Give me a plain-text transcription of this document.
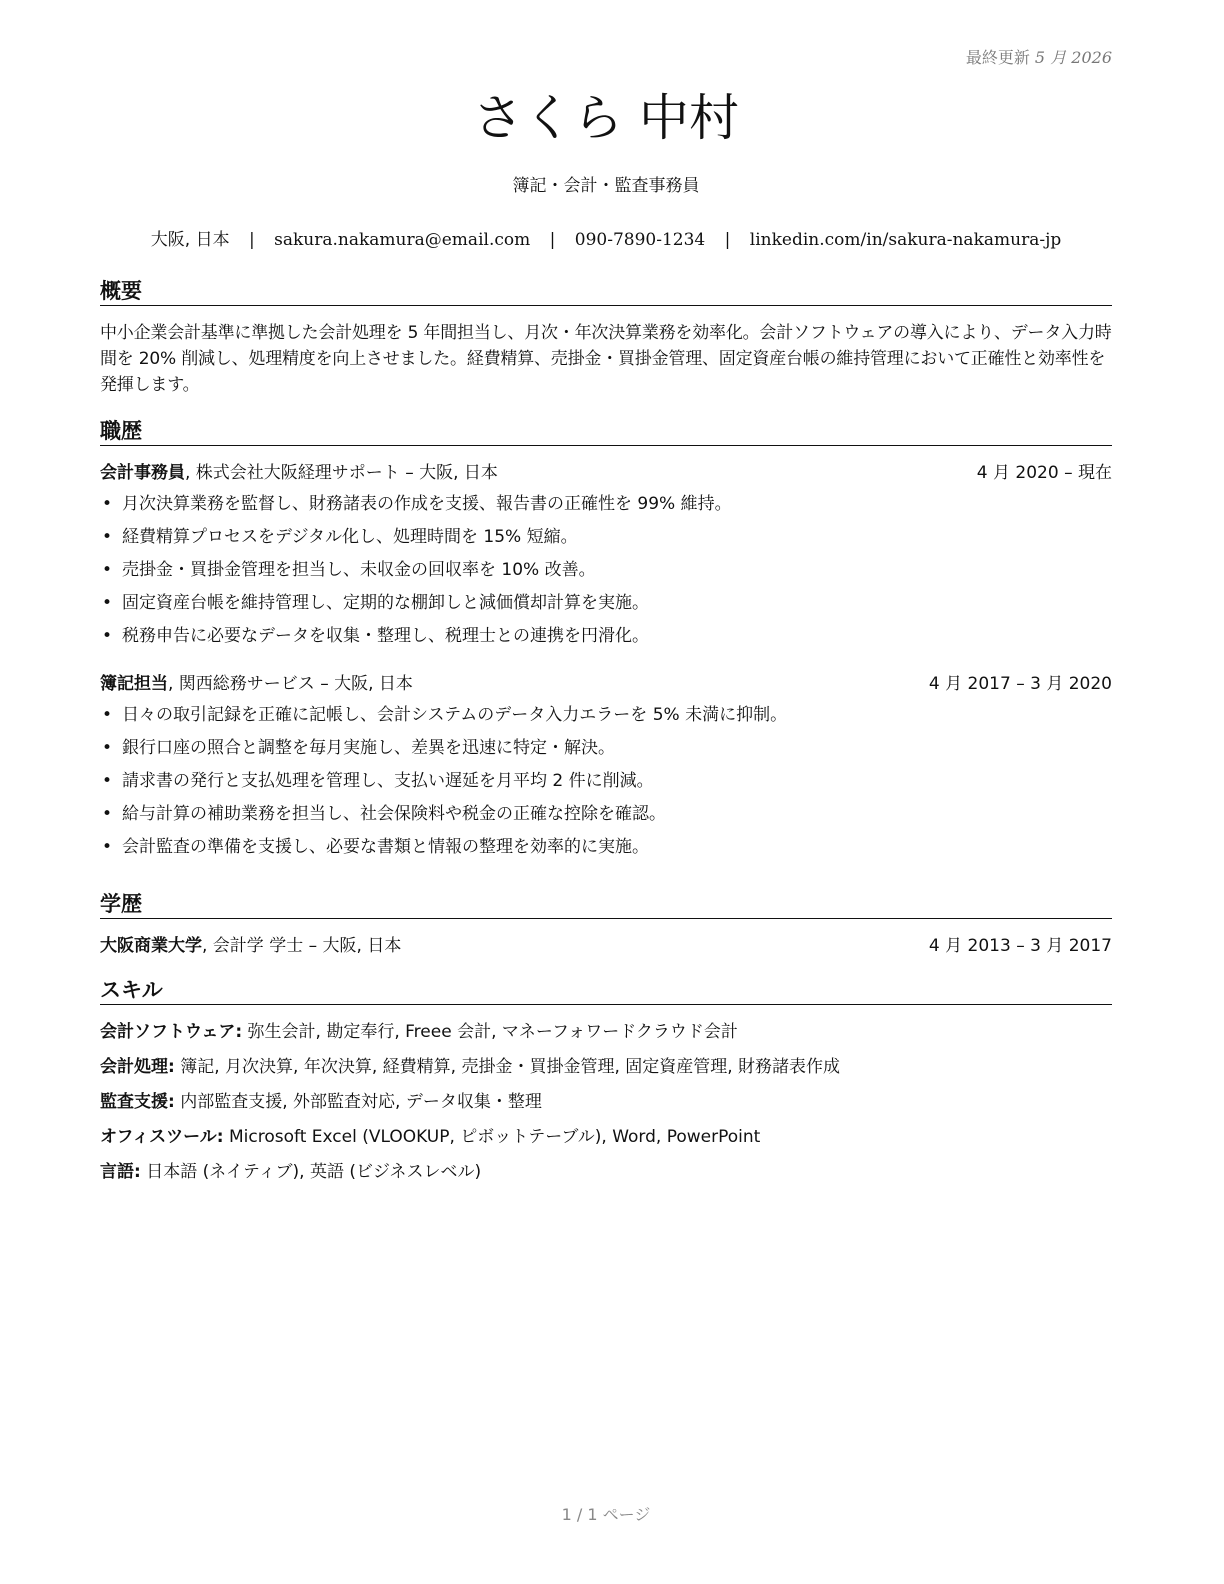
最終更新 5 月 2026
さくら 中村
簿記・会計・監査事務員
大阪, 日本 | sakura.nakamura@email.com | 090-7890-1234 | linkedin.com/in/sakura-nakamura-jp
概要
中小企業会計基準に準拠した会計処理を 5 年間担当し、月次・年次決算業務を効率化。会計ソフトウェアの導入により、データ入力時間を 20% 削減し、処理精度を向上させました。経費精算、売掛金・買掛金管理、固定資産台帳の維持管理において正確性と効率性を発揮します。
職歴
会計事務員, 株式会社大阪経理サポート – 大阪, 日本	4 月 2020 – 現在
• 月次決算業務を監督し、財務諸表の作成を支援、報告書の正確性を 99% 維持。
• 経費精算プロセスをデジタル化し、処理時間を 15% 短縮。
• 売掛金・買掛金管理を担当し、未収金の回収率を 10% 改善。
• 固定資産台帳を維持管理し、定期的な棚卸しと減価償却計算を実施。
• 税務申告に必要なデータを収集・整理し、税理士との連携を円滑化。
簿記担当, 関西総務サービス – 大阪, 日本	4 月 2017 – 3 月 2020
• 日々の取引記録を正確に記帳し、会計システムのデータ入力エラーを 5% 未満に抑制。
• 銀行口座の照合と調整を毎月実施し、差異を迅速に特定・解決。
• 請求書の発行と支払処理を管理し、支払い遅延を月平均 2 件に削減。
• 給与計算の補助業務を担当し、社会保険料や税金の正確な控除を確認。
• 会計監査の準備を支援し、必要な書類と情報の整理を効率的に実施。
学歴
大阪商業大学, 会計学 学士 – 大阪, 日本	4 月 2013 – 3 月 2017
スキル
会計ソフトウェア: 弥生会計, 勘定奉行, Freee 会計, マネーフォワードクラウド会計
会計処理: 簿記, 月次決算, 年次決算, 経費精算, 売掛金・買掛金管理, 固定資産管理, 財務諸表作成
監査支援: 内部監査支援, 外部監査対応, データ収集・整理
オフィスツール: Microsoft Excel (VLOOKUP, ピボットテーブル), Word, PowerPoint
言語: 日本語 (ネイティブ), 英語 (ビジネスレベル)
1 / 1 ページ
